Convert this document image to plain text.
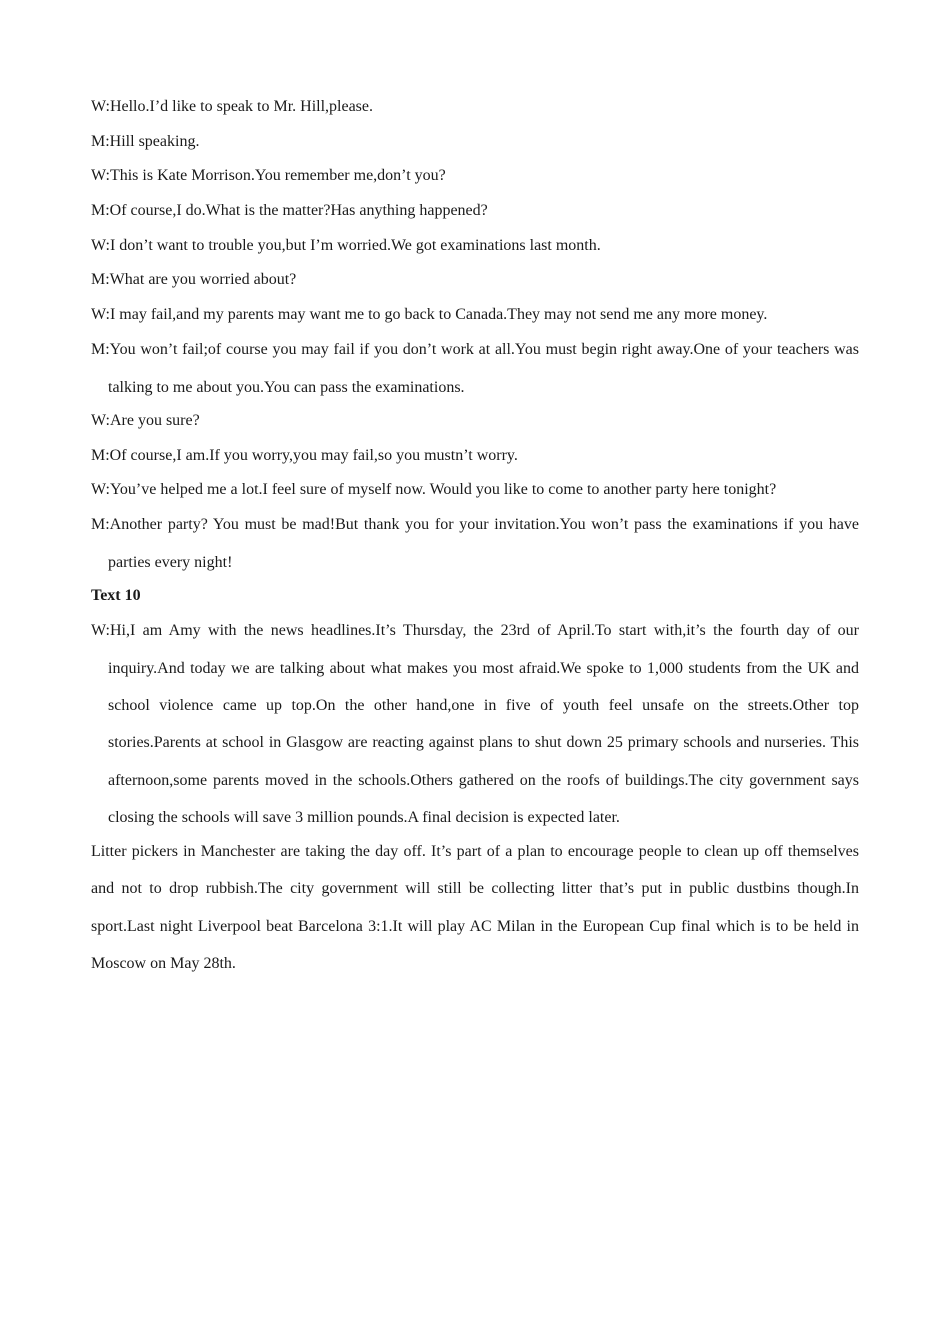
W:Hello.I’d like to speak to Mr. Hill,please.
M:Hill speaking.
W:This is Kate Morrison.You remember me,don’t you?
M:Of course,I do.What is the matter?Has anything happened?
W:I don’t want to trouble you,but I’m worried.We got examinations last month.
M:What are you worried about?
W:I may fail,and my parents may want me to go back to Canada.They may not send me any more money.
M:You won’t fail;of course you may fail if you don’t work at all.You must begin right away.One of your teachers was talking to me about you.You can pass the examinations.
W:Are you sure?
M:Of course,I am.If you worry,you may fail,so you mustn’t worry.
W:You’ve helped me a lot.I feel sure of myself now. Would you like to come to another party here tonight?
M:Another party? You must be mad!But thank you for your invitation.You won’t pass the examinations if you have parties every night!
Text 10
W:Hi,I am Amy with the news headlines.It’s Thursday, the 23rd of April.To start with,it’s the fourth day of our inquiry.And today we are talking about what makes you most afraid.We spoke to 1,000 students from the UK and school violence came up top.On the other hand,one in five of youth feel unsafe on the streets.Other top stories.Parents at school in Glasgow are reacting against plans to shut down 25 primary schools and nurseries. This afternoon,some parents moved in the schools.Others gathered on the roofs of buildings.The city government says closing the schools will save 3 million pounds.A final decision is expected later.
Litter pickers in Manchester are taking the day off. It’s part of a plan to encourage people to clean up off themselves and not to drop rubbish.The city government will still be collecting litter that’s put in public dustbins though.In sport.Last night Liverpool beat Barcelona 3:1.It will play AC Milan in the European Cup final which is to be held in Moscow on May 28th.
